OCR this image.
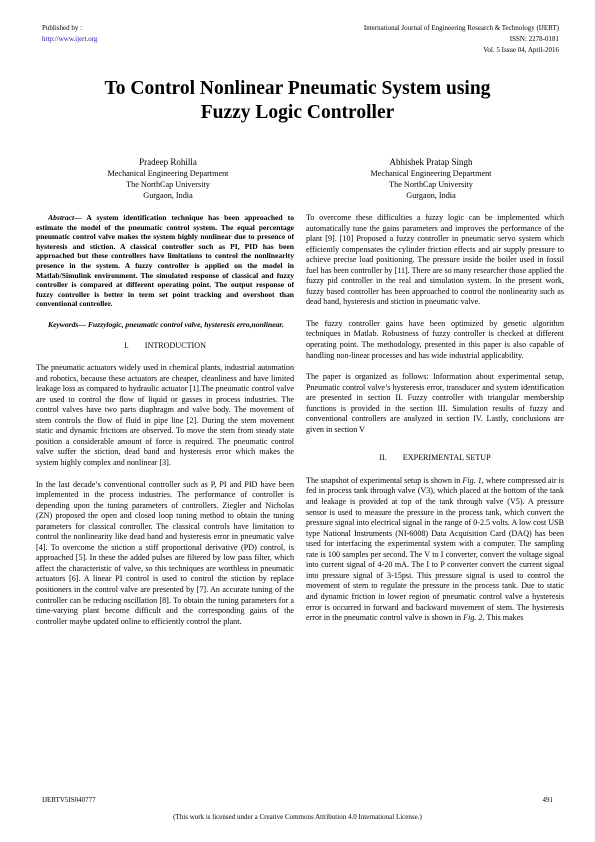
Published by :
http://www.ijert.org
International Journal of Engineering Research & Technology (IJERT)
ISSN: 2278-0181
Vol. 5 Issue 04, April-2016
To Control Nonlinear Pneumatic System using
Fuzzy Logic Controller
Pradeep Rohilla
Mechanical Engineering Department
The NorthCap University
Gurgaon, India
Abhishek Pratap Singh
Mechanical Engineering Department
The NorthCap University
Gurgaon, India

Abstract— A system identification technique has been approached to estimate the model of the pneumatic control system. The equal percentage pneumatic control valve makes the system highly nonlinear due to presence of hysteresis and stiction. A classical controller such as PI, PID has been approached but these controllers have limitations to control the nonlinearity presence in the system. A fuzzy controller is applied on the model in Matlab/Simulink environment. The simulated response of classical and fuzzy controller is compared at different operating point. The output response of fuzzy controller is better in term set point tracking and overshoot than conventional controller.

Keywords— Fuzzylogic, pneumatic control valve, hysteresis erro,nonlinear.

I. INTRODUCTION

The pneumatic actuators widely used in chemical plants, industrial automation and robotics, because these actuators are cheaper, cleanliness and have limited leakage loss as compared to hydraulic actuator [1].The pneumatic control valve are used to control the flow of liquid or gasses in process industries. The control valves have two parts diaphragm and valve body. The movement of stem controls the flow of fluid in pipe line [2]. During the stem movement static and dynamic frictions are observed. To move the stem from steady state position a considerable amount of force is required. The pneumatic control valve suffer the stiction, dead band and hysteresis error which makes the system highly complex and nonlinear [3].

In the last decade’s conventional controller such as P, PI and PID have been implemented in the process industries. The performance of controller is depending upon the tuning parameters of controllers. Ziegler and Nicholas (ZN) proposed the open and closed loop tuning method to obtain the tuning parameters for classical controller. The classical controls have limitation to control the nonlinearity like dead band and hysteresis error in pneumatic valve [4]. To overcome the stiction a stiff proportional derivative (PD) control, is approached [5]. In these the added pulses are filtered by low pass filter, which affect the characteristic of valve, so this techniques are worthless in pneumatic actuators [6]. A linear PI control is used to control the stiction by replace positioners in the control valve are presented by [7]. An accurate tuning of the controller can be reducing oscillation [8]. To obtain the tuning parameters for a time-varying plant become difficult and the corresponding gains of the controller maybe updated online to efficiently control the plant.

To overcome these difficulties a fuzzy logic can be implemented which automatically tune the gains parameters and improves the performance of the plant [9]. [10] Proposed a fuzzy controller in pneumatic servo system which efficiently compensates the cylinder friction effects and air supply pressure to achieve precise load positioning. The pressure inside the boiler used in fossil fuel has been controller by [11]. There are so many researcher those applied the fuzzy pid controller in the real and simulation system. In the present work, fuzzy based controller has been approached to control the nonlinearity such as dead band, hysteresis and stiction in pneumatic valve.

The fuzzy controller gains have been optimized by genetic algorithm techniques in Matlab. Robustness of fuzzy controller is checked at different operating point. The methodology, presented in this paper is also capable of handling non-linear processes and has wide industrial applicability.

The paper is organized as follows: Information about experimental setup, Pneumatic control valve’s hysteresis error, transducer and system identification are presented in section II. Fuzzy controller with triangular membership functions is provided in the section III. Simulation results of fuzzy and conventional controllers are analyzed in section IV. Lastly, conclusions are given in section V

II. EXPERIMENTAL SETUP

The snapshot of experimental setup is shown in Fig. 1, where compressed air is fed in process tank through valve (V3), which placed at the bottom of the tank and leakage is provided at top of the tank through valve (V5). A pressure sensor is used to measure the pressure in the process tank, which convert the pressure signal into electrical signal in the range of 0-2.5 volts. A low cost USB type National Instruments (NI-6008) Data Acquisition Card (DAQ) has been used for interfacing the experimental system with a computer. The sampling rate is 100 samples per second. The V to I converter, convert the voltage signal into current signal of 4-20 mA. The I to P converter convert the current signal into pressure signal of 3-15psi. This pressure signal is used to control the movement of stem to regulate the pressure in the process tank. Due to static and dynamic friction in lower region of pneumatic control valve a hysteresis error is occurred in forward and backward movement of stem. The hysteresis error in the pneumatic control valve is shown in Fig. 2. This makes

IJERTV5IS040777	491
(This work is licensed under a Creative Commons Attribution 4.0 International License.)
